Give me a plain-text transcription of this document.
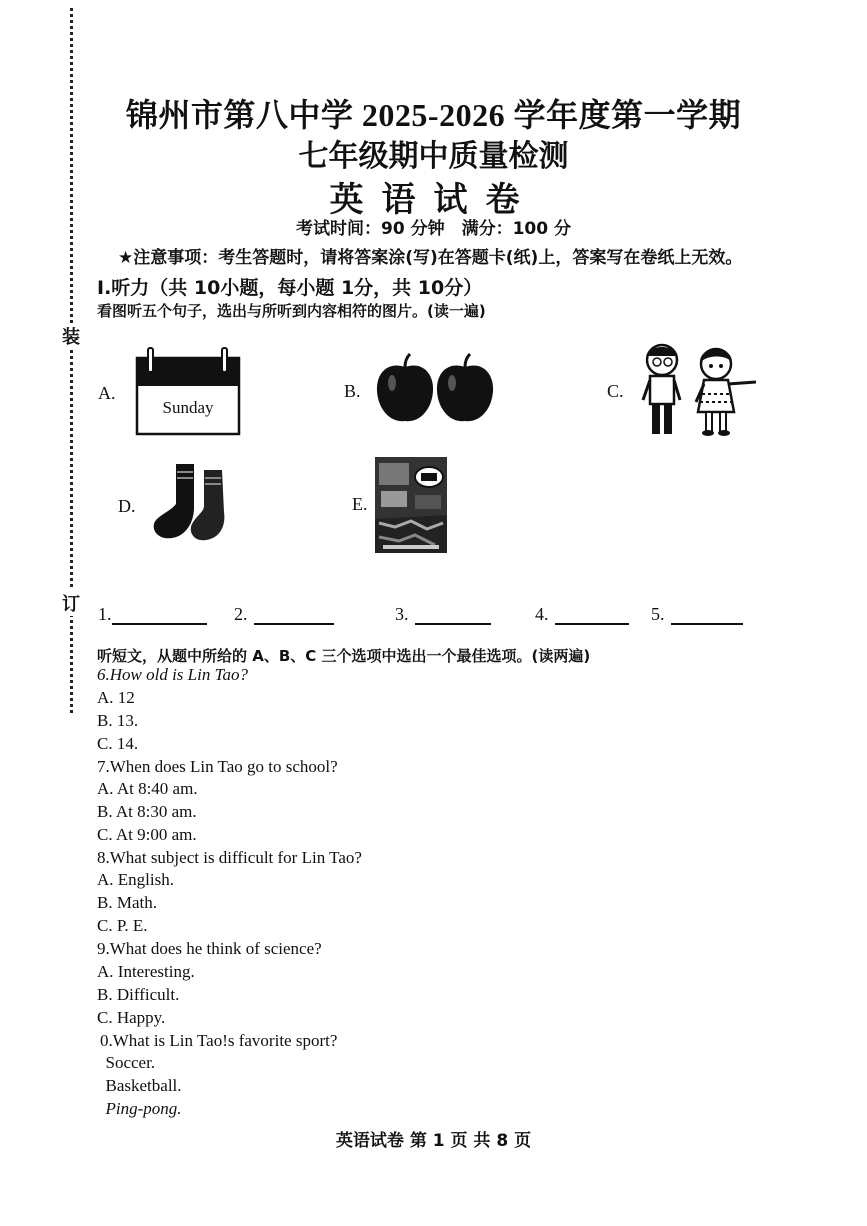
装
订
锦州市第八中学 2025-2026 学年度第一学期
七年级期中质量检测
英语试卷
考试时间：90 分钟　满分：100 分
★注意事项：考生答题时，请将答案涂(写)在答题卡(纸)上，答案写在卷纸上无效。
I.听力（共 10小题，每小题 1分，共 10分）
看图听五个句子，选出与所听到内容相符的图片。(读一遍)
A.
Sunday
B.	C.
D.	E.
1.	2.	3.	4.	5.
听短文，从题中所给的 A、B、C 三个选项中选出一个最佳选项。(读两遍)
6.How old is Lin Tao?
A. 12
B. 13.
C. 14.
7.When does Lin Tao go to school?
A. At 8:40 am.
B. At 8:30 am.
C. At 9:00 am.
8.What subject is difficult for Lin Tao?
A. English.
B. Math.
C. P. E.
9.What does he think of science?
A. Interesting.
B. Difficult.
C. Happy.
0.What is Lin Tao!s favorite sport?
Soccer.
Basketball.
Ping-pong.
英语试卷 第 1 页 共 8 页
